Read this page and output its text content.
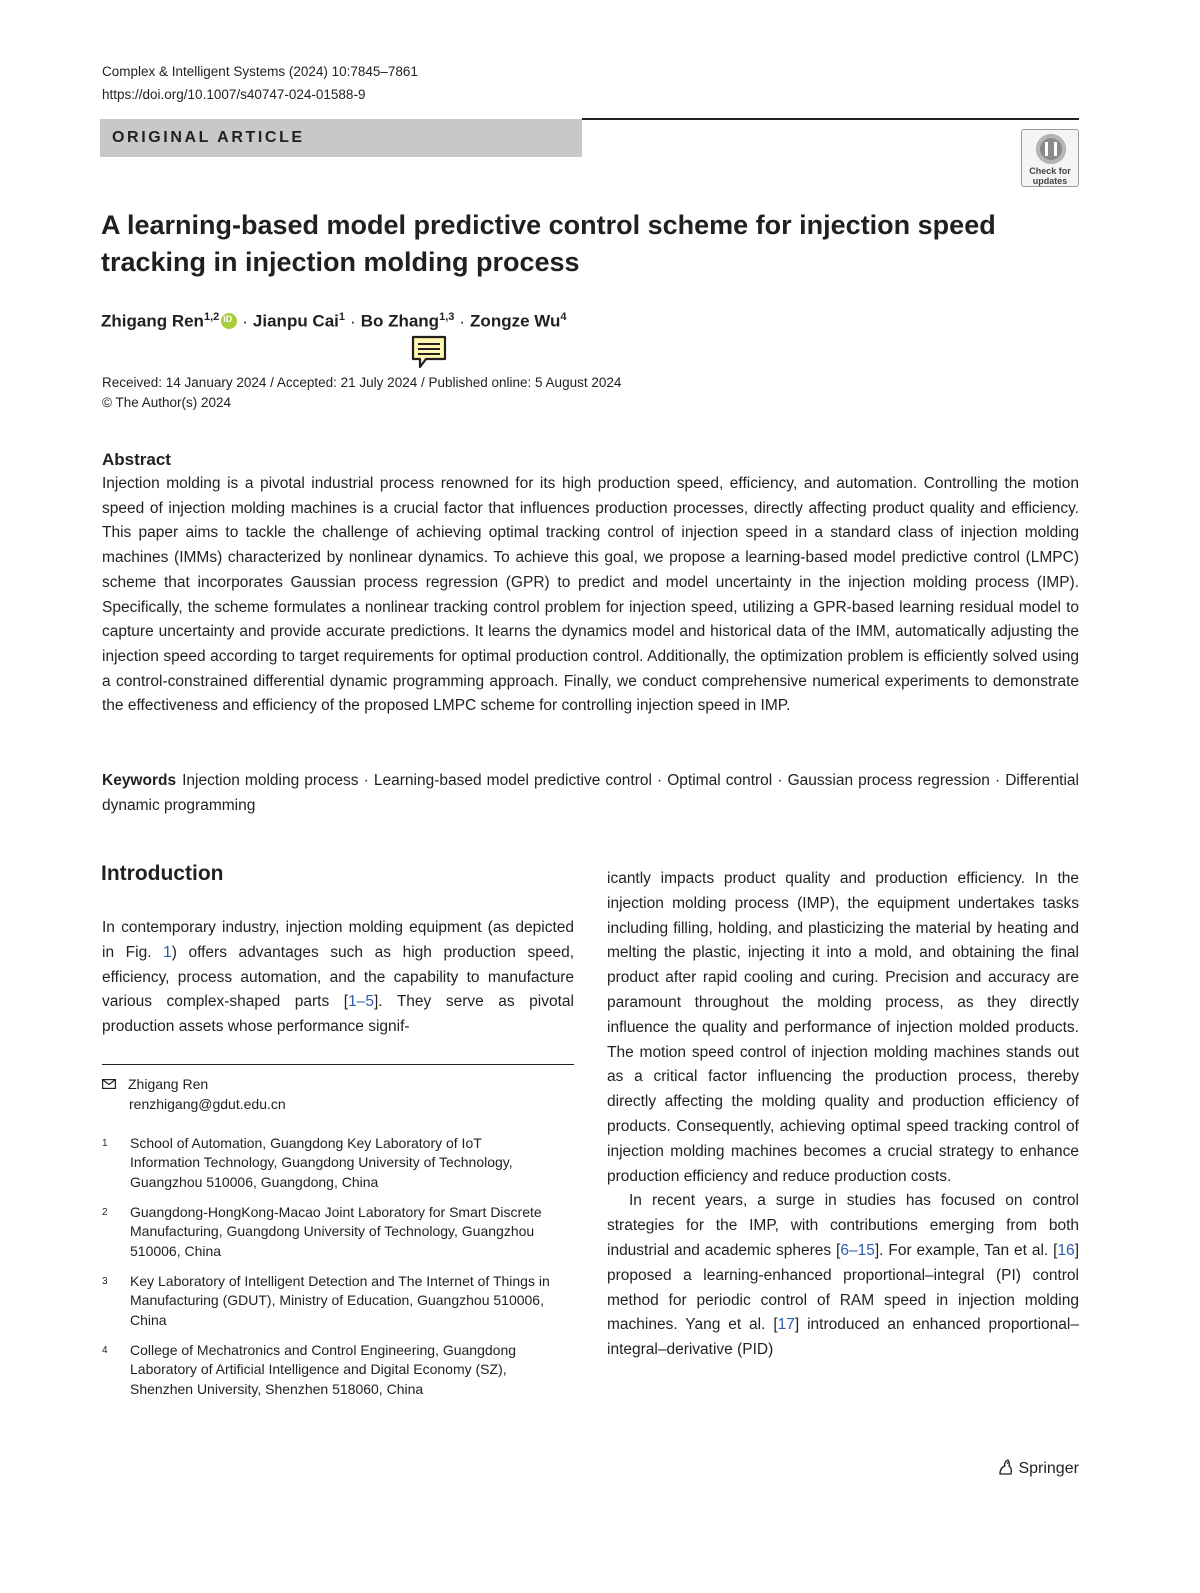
Complex & Intelligent Systems (2024) 10:7845–7861
https://doi.org/10.1007/s40747-024-01588-9
ORIGINAL ARTICLE
Check for
updates
A learning-based model predictive control scheme for injection speed tracking in injection molding process
Zhigang Ren$^{1,2}$iD · Jianpu Cai$^1$ · Bo Zhang$^{1,3}$ · Zongze Wu$^4$
Received: 14 January 2024 / Accepted: 21 July 2024 / Published online: 5 August 2024
© The Author(s) 2024
Abstract

Injection molding is a pivotal industrial process renowned for its high production speed, efficiency, and automation. Controlling the motion speed of injection molding machines is a crucial factor that influences production processes, directly affecting product quality and efficiency. This paper aims to tackle the challenge of achieving optimal tracking control of injection speed in a standard class of injection molding machines (IMMs) characterized by nonlinear dynamics. To achieve this goal, we propose a learning-based model predictive control (LMPC) scheme that incorporates Gaussian process regression (GPR) to predict and model uncertainty in the injection molding process (IMP). Specifically, the scheme formulates a nonlinear tracking control problem for injection speed, utilizing a GPR-based learning residual model to capture uncertainty and provide accurate predictions. It learns the dynamics model and historical data of the IMM, automatically adjusting the injection speed according to target requirements for optimal production control. Additionally, the optimization problem is efficiently solved using a control-constrained differential dynamic programming approach. Finally, we conduct comprehensive numerical experiments to demonstrate the effectiveness and efficiency of the proposed LMPC scheme for controlling injection speed in IMP.

Keywords Injection molding process · Learning-based model predictive control · Optimal control · Gaussian process regression · Differential dynamic programming

Introduction

In contemporary industry, injection molding equipment (as depicted in Fig. 1) offers advantages such as high production speed, efficiency, process automation, and the capability to manufacture various complex-shaped parts [1–5]. They serve as pivotal production assets whose performance signif-

icantly impacts product quality and production efficiency. In the injection molding process (IMP), the equipment undertakes tasks including filling, holding, and plasticizing the material by heating and melting the plastic, injecting it into a mold, and obtaining the final product after rapid cooling and curing. Precision and accuracy are paramount throughout the molding process, as they directly influence the quality and performance of injection molded products. The motion speed control of injection molding machines stands out as a critical factor influencing the production process, thereby directly affecting the molding quality and production efficiency of products. Consequently, achieving optimal speed tracking control of injection molding machines becomes a crucial strategy to enhance production efficiency and reduce production costs.

In recent years, a surge in studies has focused on control strategies for the IMP, with contributions emerging from both industrial and academic spheres [6–15]. For example, Tan et al. [16] proposed a learning-enhanced proportional–integral (PI) control method for periodic control of RAM speed in injection molding machines. Yang et al. [17] introduced an enhanced proportional–integral–derivative (PID)

Zhigang Ren
renzhigang@gdut.edu.cn
1 School of Automation, Guangdong Key Laboratory of IoT Information Technology, Guangdong University of Technology, Guangzhou 510006, Guangdong, China
2 Guangdong-HongKong-Macao Joint Laboratory for Smart Discrete Manufacturing, Guangdong University of Technology, Guangzhou 510006, China
3 Key Laboratory of Intelligent Detection and The Internet of Things in Manufacturing (GDUT), Ministry of Education, Guangzhou 510006, China
4 College of Mechatronics and Control Engineering, Guangdong Laboratory of Artificial Intelligence and Digital Economy (SZ), Shenzhen University, Shenzhen 518060, China
Springer
